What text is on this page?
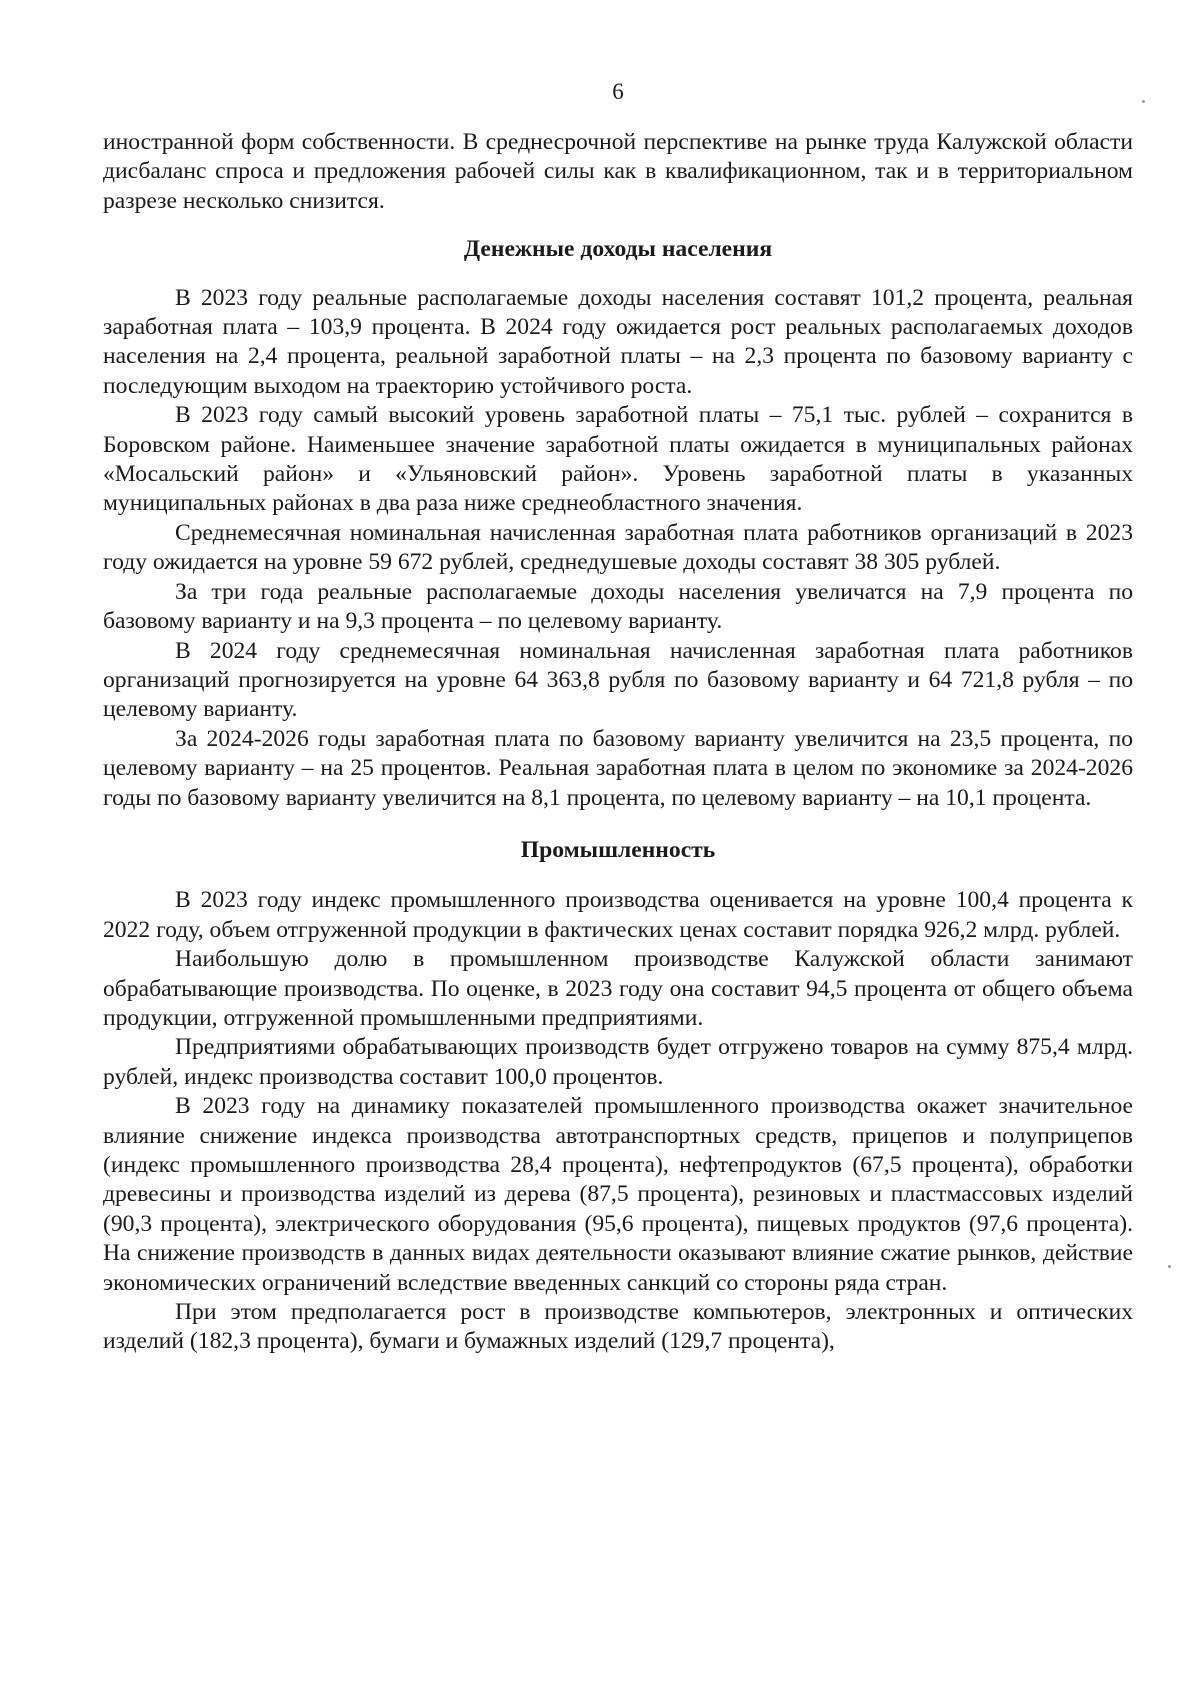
6

иностранной форм собственности. В среднесрочной перспективе на рынке труда Калужской области дисбаланс спроса и предложения рабочей силы как в квалификационном, так и в территориальном разрезе несколько снизится.

Денежные доходы населения

В 2023 году реальные располагаемые доходы населения составят 101,2 процента, реальная заработная плата – 103,9 процента. В 2024 году ожидается рост реальных располагаемых доходов населения на 2,4 процента, реальной заработной платы – на 2,3 процента по базовому варианту с последующим выходом на траекторию устойчивого роста.

В 2023 году самый высокий уровень заработной платы – 75,1 тыс. рублей – сохранится в Боровском районе. Наименьшее значение заработной платы ожидается в муниципальных районах «Мосальский район» и «Ульяновский район». Уровень заработной платы в указанных муниципальных районах в два раза ниже среднеобластного значения.

Среднемесячная номинальная начисленная заработная плата работников организаций в 2023 году ожидается на уровне 59 672 рублей, среднедушевые доходы составят 38 305 рублей.

За три года реальные располагаемые доходы населения увеличатся на 7,9 процента по базовому варианту и на 9,3 процента – по целевому варианту.

В 2024 году среднемесячная номинальная начисленная заработная плата работников организаций прогнозируется на уровне 64 363,8 рубля по базовому варианту и 64 721,8 рубля – по целевому варианту.

За 2024-2026 годы заработная плата по базовому варианту увеличится на 23,5 процента, по целевому варианту – на 25 процентов. Реальная заработная плата в целом по экономике за 2024-2026 годы по базовому варианту увеличится на 8,1 процента, по целевому варианту – на 10,1 процента.

Промышленность

В 2023 году индекс промышленного производства оценивается на уровне 100,4 процента к 2022 году, объем отгруженной продукции в фактических ценах составит порядка 926,2 млрд. рублей.

Наибольшую долю в промышленном производстве Калужской области занимают обрабатывающие производства. По оценке, в 2023 году она составит 94,5 процента от общего объема продукции, отгруженной промышленными предприятиями.

Предприятиями обрабатывающих производств будет отгружено товаров на сумму 875,4 млрд. рублей, индекс производства составит 100,0 процентов.

В 2023 году на динамику показателей промышленного производства окажет значительное влияние снижение индекса производства автотранспортных средств, прицепов и полуприцепов (индекс промышленного производства 28,4 процента), нефтепродуктов (67,5 процента), обработки древесины и производства изделий из дерева (87,5 процента), резиновых и пластмассовых изделий (90,3 процента), электрического оборудования (95,6 процента), пищевых продуктов (97,6 процента). На снижение производств в данных видах деятельности оказывают влияние сжатие рынков, действие экономических ограничений вследствие введенных санкций со стороны ряда стран.

При этом предполагается рост в производстве компьютеров, электронных и оптических изделий (182,3 процента), бумаги и бумажных изделий (129,7 процента),
